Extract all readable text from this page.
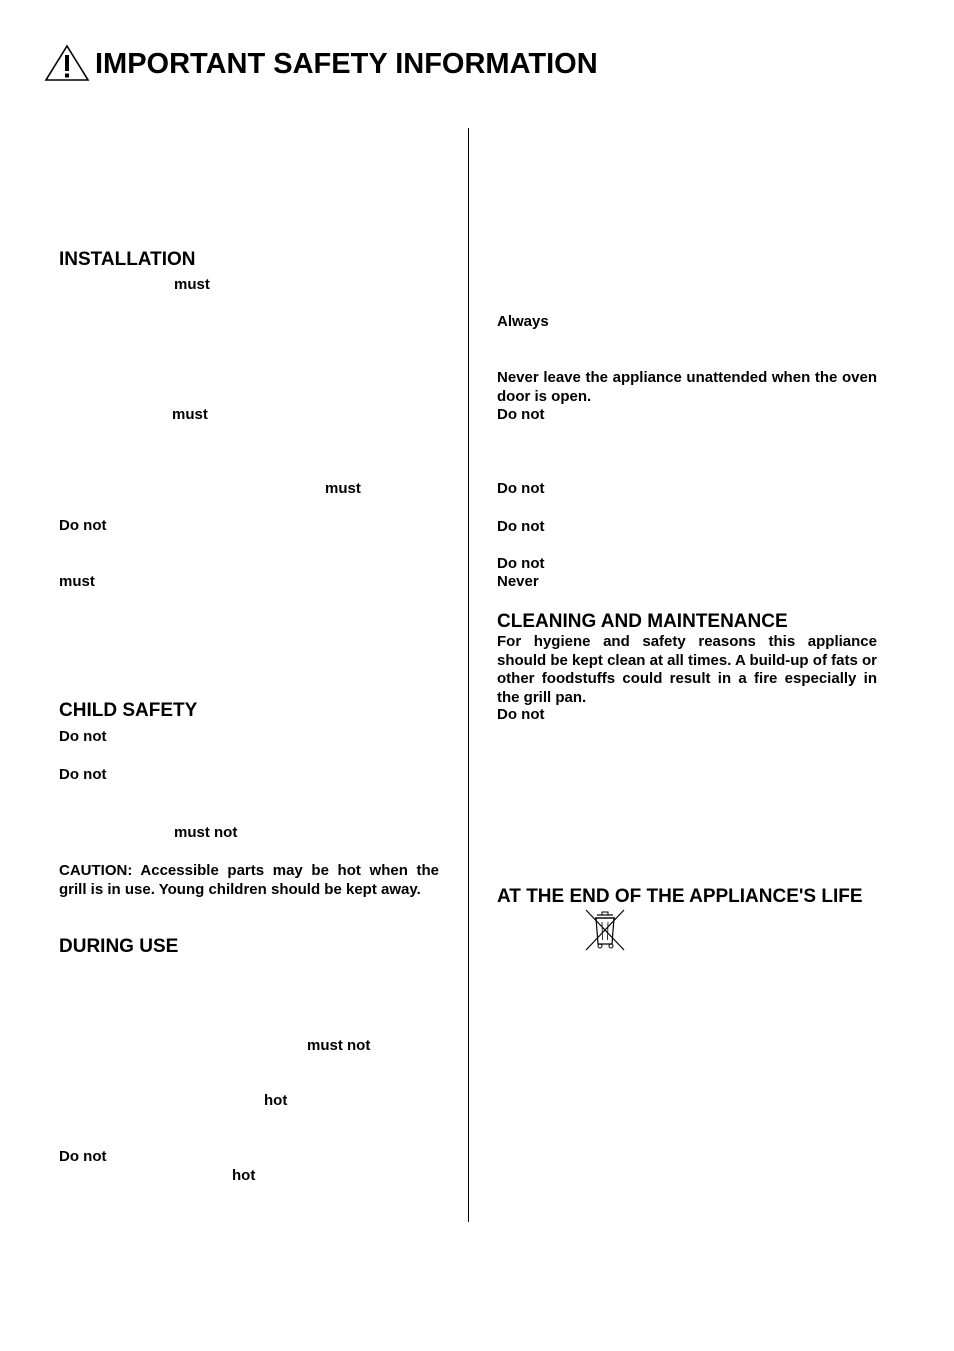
IMPORTANT SAFETY INFORMATION
INSTALLATION
must
must
must
Do not
must
CHILD SAFETY
Do not
Do not
must not
CAUTION: Accessible parts may be hot when the grill is in use. Young children should be kept away.
DURING USE
must not
hot
Do not
hot
Always
Never leave the appliance unattended when the oven door is open.
Do not
Do not
Do not
Do not
Never
CLEANING AND MAINTENANCE
For hygiene and safety reasons this appliance should be kept clean at all times. A build-up of fats or other foodstuffs could result in a fire especially in the grill pan.
Do not
AT THE END OF THE APPLIANCE'S LIFE
